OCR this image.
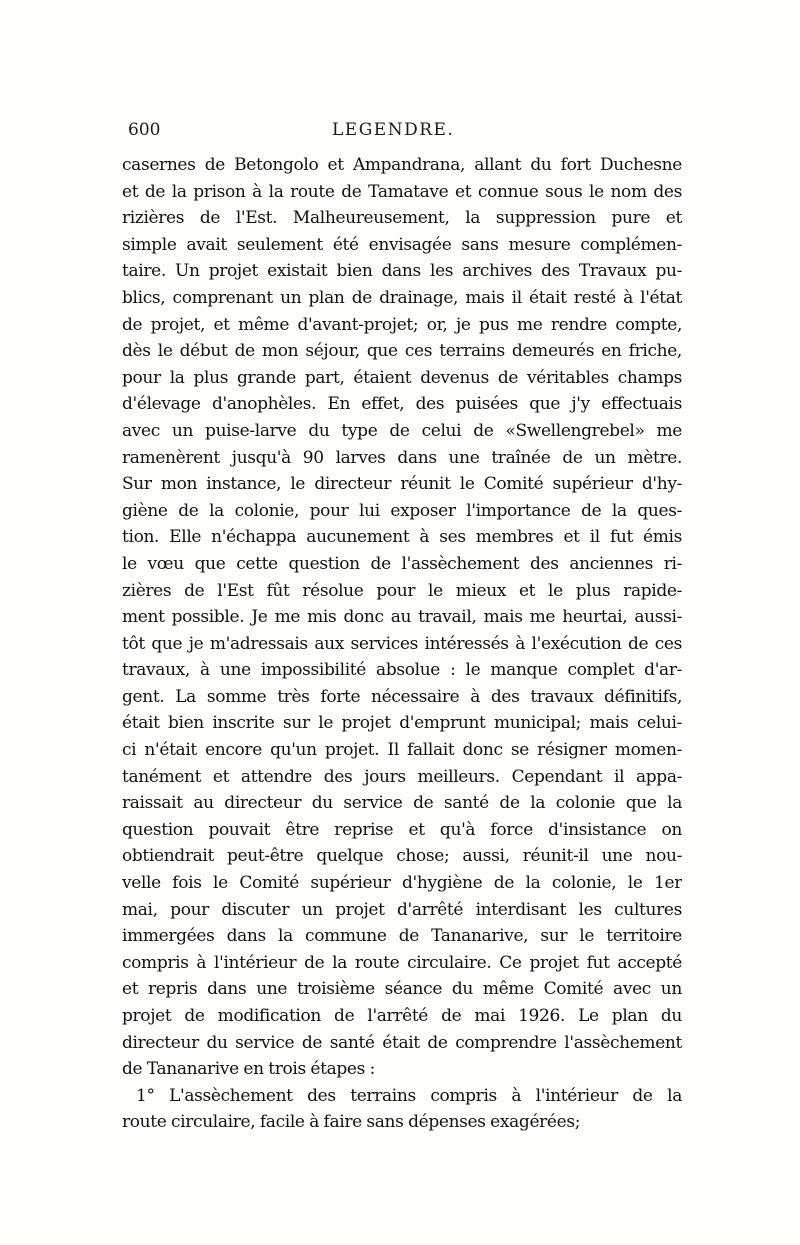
600	LEGENDRE.
casernes de Betongolo et Ampandrana, allant du fort Duchesne
et de la prison à la route de Tamatave et connue sous le nom des
rizières de l'Est. Malheureusement, la suppression pure et
simple avait seulement été envisagée sans mesure complémen-
taire. Un projet existait bien dans les archives des Travaux pu-
blics, comprenant un plan de drainage, mais il était resté à l'état
de projet, et même d'avant-projet; or, je pus me rendre compte,
dès le début de mon séjour, que ces terrains demeurés en friche,
pour la plus grande part, étaient devenus de véritables champs
d'élevage d'anophèles. En effet, des puisées que j'y effectuais
avec un puise-larve du type de celui de «Swellengrebel» me
ramenèrent jusqu'à 90 larves dans une traînée de un mètre.
Sur mon instance, le directeur réunit le Comité supérieur d'hy-
giène de la colonie, pour lui exposer l'importance de la ques-
tion. Elle n'échappa aucunement à ses membres et il fut émis
le vœu que cette question de l'assèchement des anciennes ri-
zières de l'Est fût résolue pour le mieux et le plus rapide-
ment possible. Je me mis donc au travail, mais me heurtai, aussi-
tôt que je m'adressais aux services intéressés à l'exécution de ces
travaux, à une impossibilité absolue : le manque complet d'ar-
gent. La somme très forte nécessaire à des travaux définitifs,
était bien inscrite sur le projet d'emprunt municipal; mais celui-
ci n'était encore qu'un projet. Il fallait donc se résigner momen-
tanément et attendre des jours meilleurs. Cependant il appa-
raissait au directeur du service de santé de la colonie que la
question pouvait être reprise et qu'à force d'insistance on
obtiendrait peut-être quelque chose; aussi, réunit-il une nou-
velle fois le Comité supérieur d'hygiène de la colonie, le 1er
mai, pour discuter un projet d'arrêté interdisant les cultures
immergées dans la commune de Tananarive, sur le territoire
compris à l'intérieur de la route circulaire. Ce projet fut accepté
et repris dans une troisième séance du même Comité avec un
projet de modification de l'arrêté de mai 1926. Le plan du
directeur du service de santé était de comprendre l'assèchement
de Tananarive en trois étapes :
1° L'assèchement des terrains compris à l'intérieur de la
route circulaire, facile à faire sans dépenses exagérées;
